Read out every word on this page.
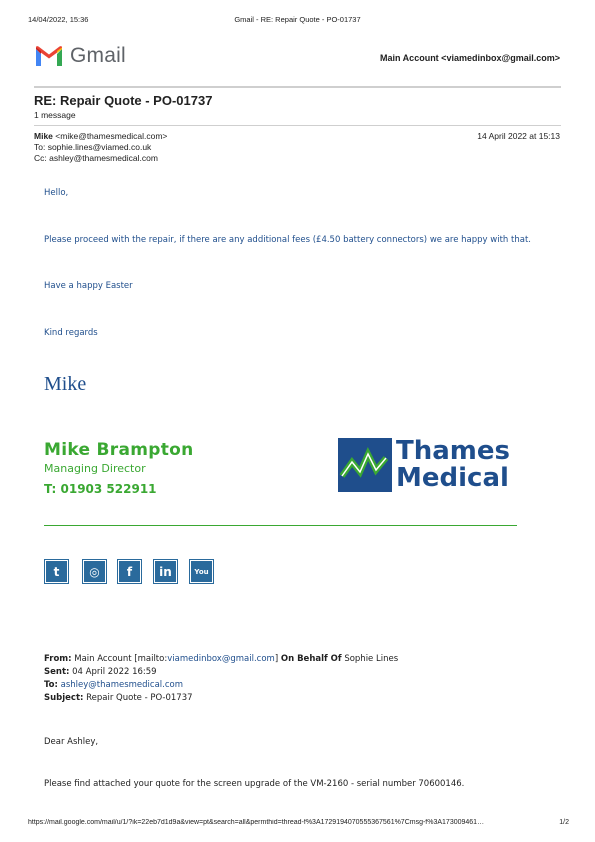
14/04/2022, 15:36	Gmail - RE: Repair Quote - PO-01737
Gmail	Main Account <viamedinbox@gmail.com>
RE: Repair Quote - PO-01737
1 message
Mike <mike@thamesmedical.com>	14 April 2022 at 15:13
To: sophie.lines@viamed.co.uk
Cc: ashley@thamesmedical.com
Hello,
Please proceed with the repair, if there are any additional fees (£4.50 battery connectors) we are happy with that.
Have a happy Easter
Kind regards
Mike
Mike Brampton
Managing Director
T: 01903 522911
Thames
Medical
t	◎	f	in	You
From: Main Account [mailto:viamedinbox@gmail.com] On Behalf Of Sophie Lines
Sent: 04 April 2022 16:59
To: ashley@thamesmedical.com
Subject: Repair Quote - PO-01737
Dear Ashley,
Please find attached your quote for the screen upgrade of the VM-2160 - serial number 70600146.
https://mail.google.com/mail/u/1/?ik=22eb7d1d9a&view=pt&search=all&permthid=thread-f%3A1729194070555367561%7Cmsg-f%3A173009461…	1/2
